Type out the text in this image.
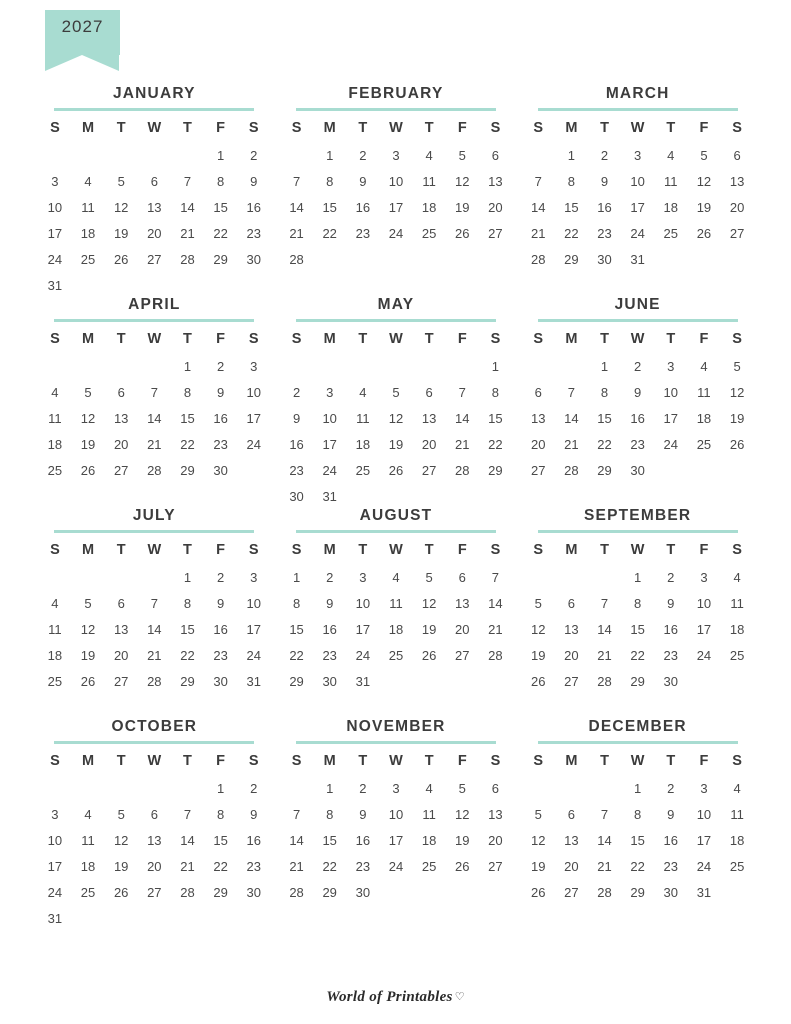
2027
JANUARY
S	M	T	W	T	F	S
					1	2
3	4	5	6	7	8	9
10	11	12	13	14	15	16
17	18	19	20	21	22	23
24	25	26	27	28	29	30
31						
FEBRUARY
S	M	T	W	T	F	S
	1	2	3	4	5	6
7	8	9	10	11	12	13
14	15	16	17	18	19	20
21	22	23	24	25	26	27
28						
MARCH
S	M	T	W	T	F	S
	1	2	3	4	5	6
7	8	9	10	11	12	13
14	15	16	17	18	19	20
21	22	23	24	25	26	27
28	29	30	31			
APRIL
S	M	T	W	T	F	S
				1	2	3
4	5	6	7	8	9	10
11	12	13	14	15	16	17
18	19	20	21	22	23	24
25	26	27	28	29	30	
MAY
S	M	T	W	T	F	S
						1
2	3	4	5	6	7	8
9	10	11	12	13	14	15
16	17	18	19	20	21	22
23	24	25	26	27	28	29
30	31					
JUNE
S	M	T	W	T	F	S
		1	2	3	4	5
6	7	8	9	10	11	12
13	14	15	16	17	18	19
20	21	22	23	24	25	26
27	28	29	30			
JULY
S	M	T	W	T	F	S
				1	2	3
4	5	6	7	8	9	10
11	12	13	14	15	16	17
18	19	20	21	22	23	24
25	26	27	28	29	30	31
AUGUST
S	M	T	W	T	F	S
1	2	3	4	5	6	7
8	9	10	11	12	13	14
15	16	17	18	19	20	21
22	23	24	25	26	27	28
29	30	31				
SEPTEMBER
S	M	T	W	T	F	S
			1	2	3	4
5	6	7	8	9	10	11
12	13	14	15	16	17	18
19	20	21	22	23	24	25
26	27	28	29	30		
OCTOBER
S	M	T	W	T	F	S
					1	2
3	4	5	6	7	8	9
10	11	12	13	14	15	16
17	18	19	20	21	22	23
24	25	26	27	28	29	30
31						
NOVEMBER
S	M	T	W	T	F	S
	1	2	3	4	5	6
7	8	9	10	11	12	13
14	15	16	17	18	19	20
21	22	23	24	25	26	27
28	29	30				
DECEMBER
S	M	T	W	T	F	S
			1	2	3	4
5	6	7	8	9	10	11
12	13	14	15	16	17	18
19	20	21	22	23	24	25
26	27	28	29	30	31	
World of Printables ♡
